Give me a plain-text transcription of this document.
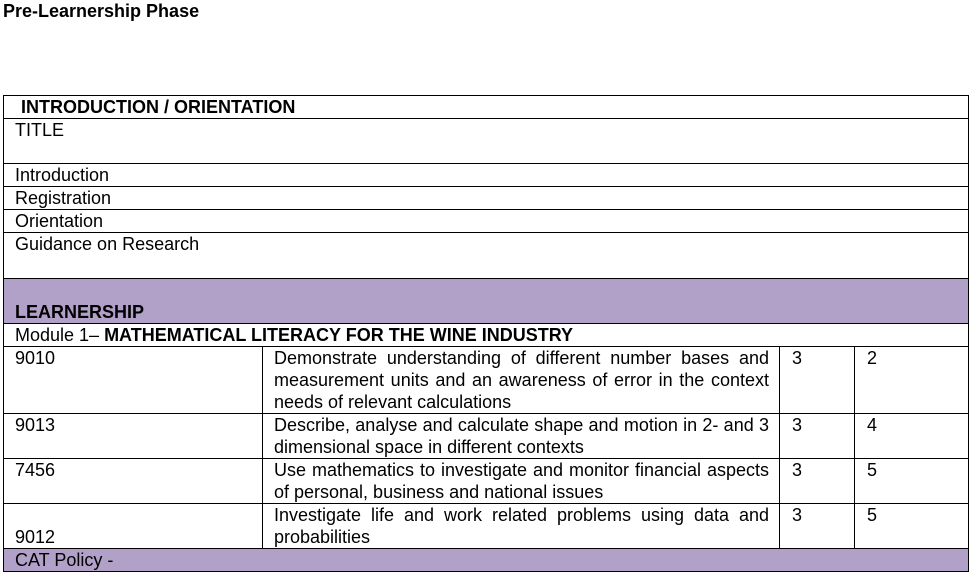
Pre-Learnership Phase
INTRODUCTION / ORIENTATION			
TITLE			
Introduction			
Registration			
Orientation			
Guidance on Research			
LEARNERSHIP			
Module 1– MATHEMATICAL LITERACY FOR THE WINE INDUSTRY			
9010	Demonstrate understanding of different number bases and measurement units and an awareness of error in the context needs of relevant calculations	3	2
9013	Describe, analyse and calculate shape and motion in 2- and 3 dimensional space in different contexts	3	4
7456	Use mathematics to investigate and monitor financial aspects of personal, business and national issues	3	5
9012	Investigate life and work related problems using data and probabilities	3	5
CAT Policy -			
